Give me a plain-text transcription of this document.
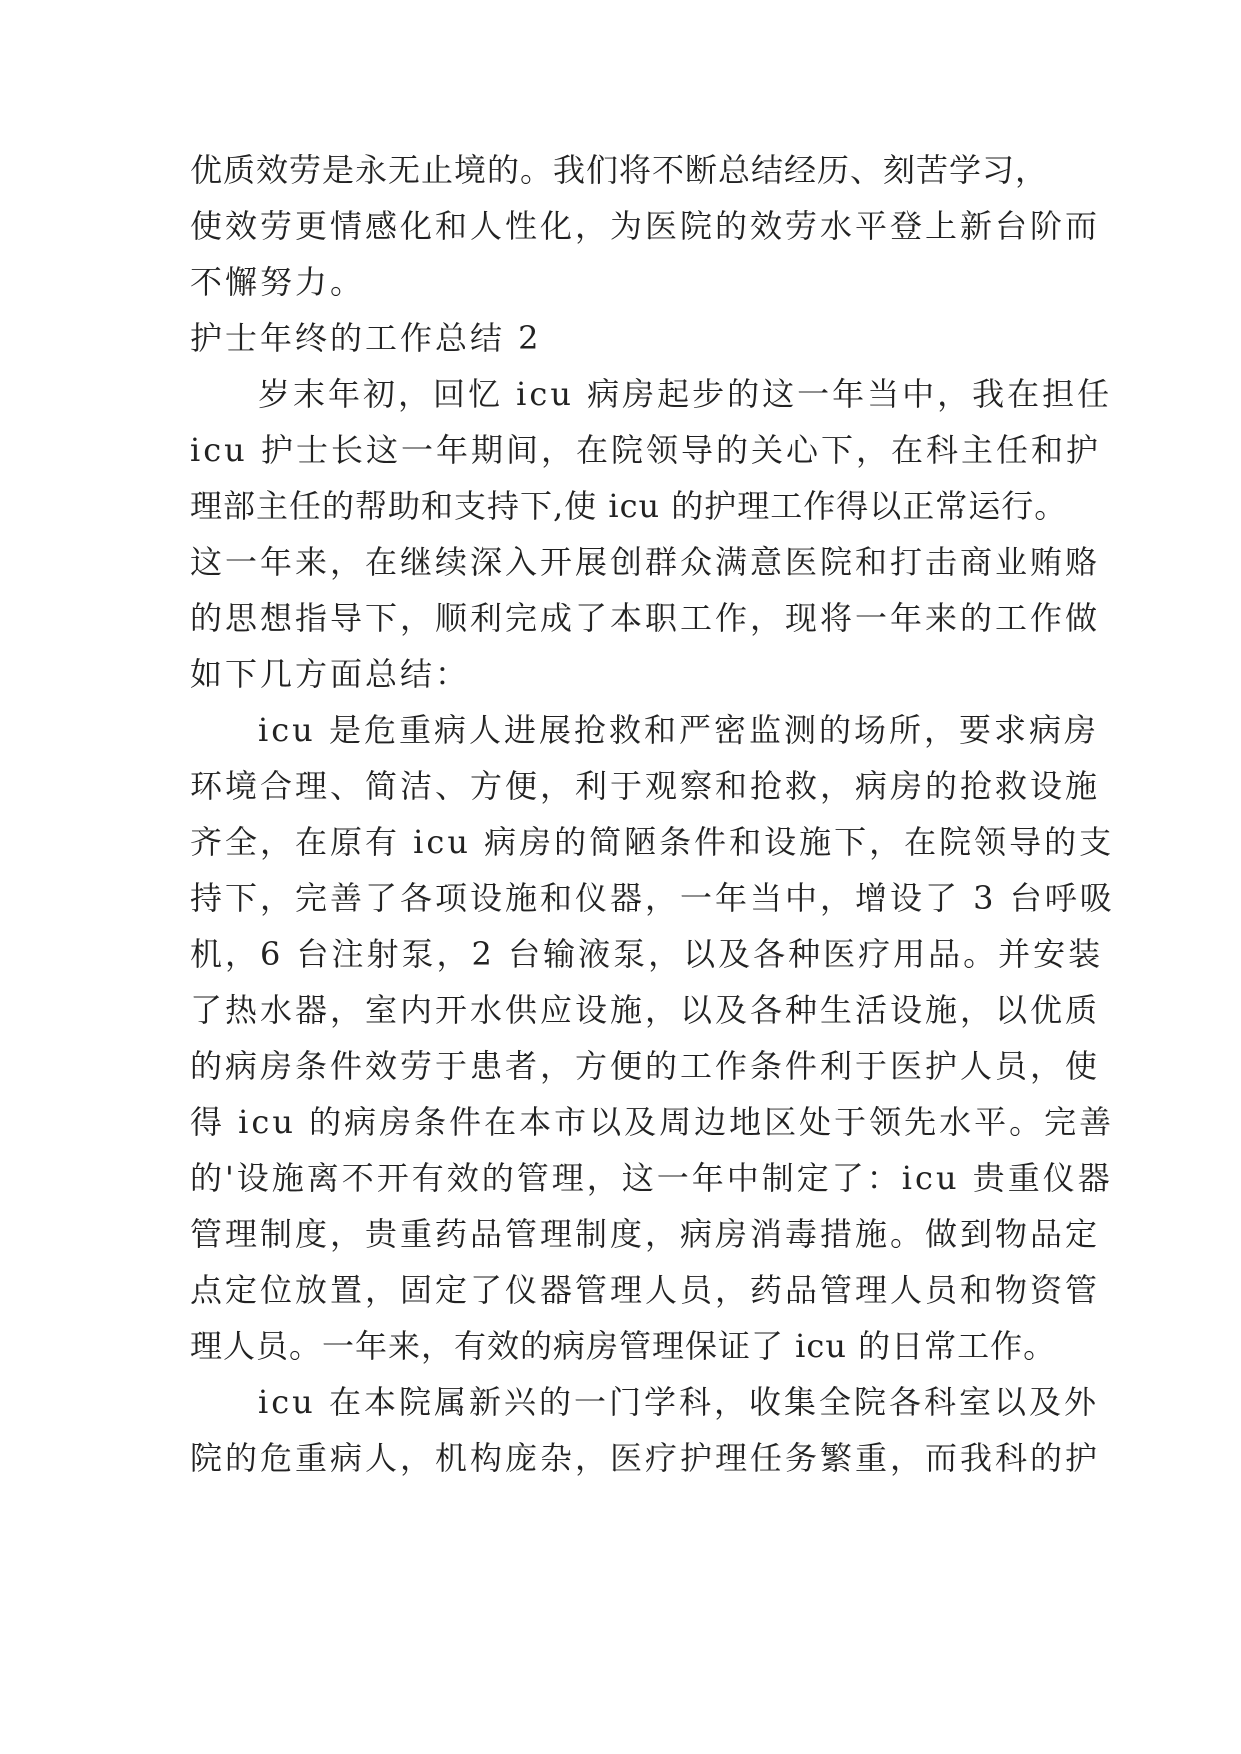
优质效劳是永无止境的。我们将不断总结经历、刻苦学习，

使效劳更情感化和人性化，为医院的效劳水平登上新台阶而

不懈努力。

护士年终的工作总结 2

岁末年初，回忆 icu 病房起步的这一年当中，我在担任

icu 护士长这一年期间，在院领导的关心下，在科主任和护

理部主任的帮助和支持下,使 icu 的护理工作得以正常运行。

这一年来，在继续深入开展创群众满意医院和打击商业贿赂

的思想指导下，顺利完成了本职工作，现将一年来的工作做

如下几方面总结：

icu 是危重病人进展抢救和严密监测的场所，要求病房

环境合理、简洁、方便，利于观察和抢救，病房的抢救设施

齐全，在原有 icu 病房的简陋条件和设施下，在院领导的支

持下，完善了各项设施和仪器，一年当中，增设了 3 台呼吸

机，6 台注射泵，2 台输液泵，以及各种医疗用品。并安装

了热水器，室内开水供应设施，以及各种生活设施，以优质

的病房条件效劳于患者，方便的工作条件利于医护人员，使

得 icu 的病房条件在本市以及周边地区处于领先水平。完善

的'设施离不开有效的管理，这一年中制定了：icu 贵重仪器

管理制度，贵重药品管理制度，病房消毒措施。做到物品定

点定位放置，固定了仪器管理人员，药品管理人员和物资管

理人员。一年来，有效的病房管理保证了 icu 的日常工作。

icu 在本院属新兴的一门学科，收集全院各科室以及外

院的危重病人，机构庞杂，医疗护理任务繁重，而我科的护
